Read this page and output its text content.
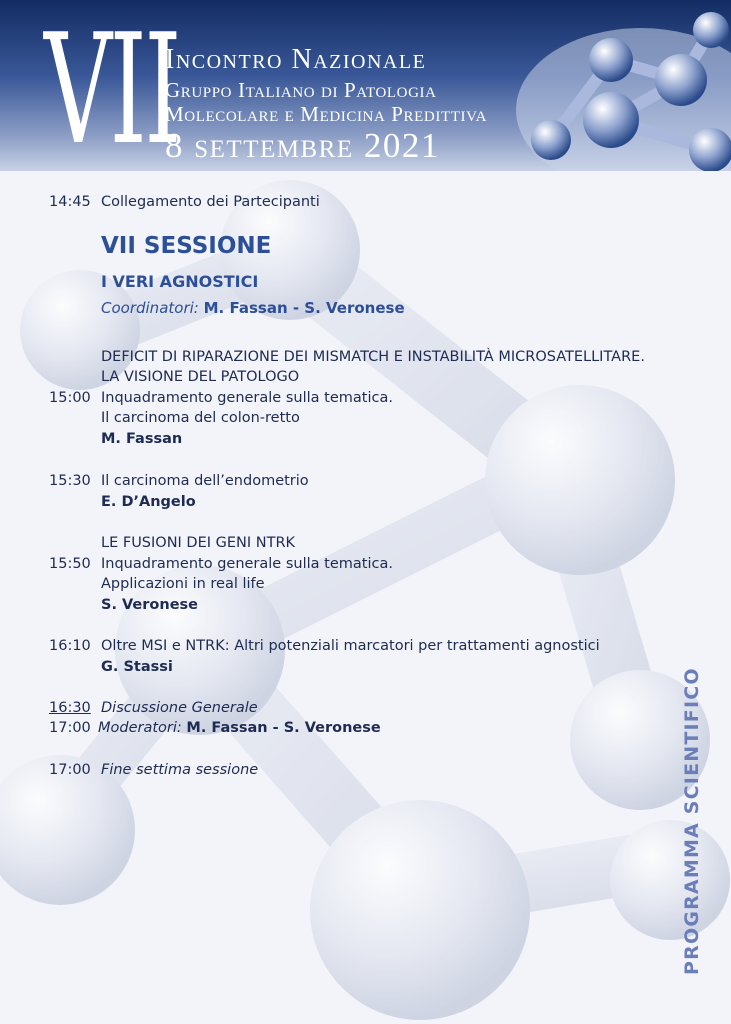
VII
Incontro Nazionale
Gruppo Italiano di Patologia
Molecolare e Medicina Predittiva
8 settembre 2021
14:45 Collegamento dei Partecipanti
VII SESSIONE
I VERI AGNOSTICI
Coordinatori: M. Fassan - S. Veronese
DEFICIT DI RIPARAZIONE DEI MISMATCH E INSTABILITÀ MICROSATELLITARE.
LA VISIONE DEL PATOLOGO
15:00 Inquadramento generale sulla tematica.
Il carcinoma del colon-retto
M. Fassan
15:30 Il carcinoma dell’endometrio
E. D’Angelo
LE FUSIONI DEI GENI NTRK
15:50 Inquadramento generale sulla tematica.
Applicazioni in real life
S. Veronese
16:10 Oltre MSI e NTRK: Altri potenziali marcatori per trattamenti agnostici
G. Stassi
16:30 Discussione Generale
17:00 Moderatori: M. Fassan - S. Veronese
17:00 Fine settima sessione	PROGRAMMA SCIENTIFICO
